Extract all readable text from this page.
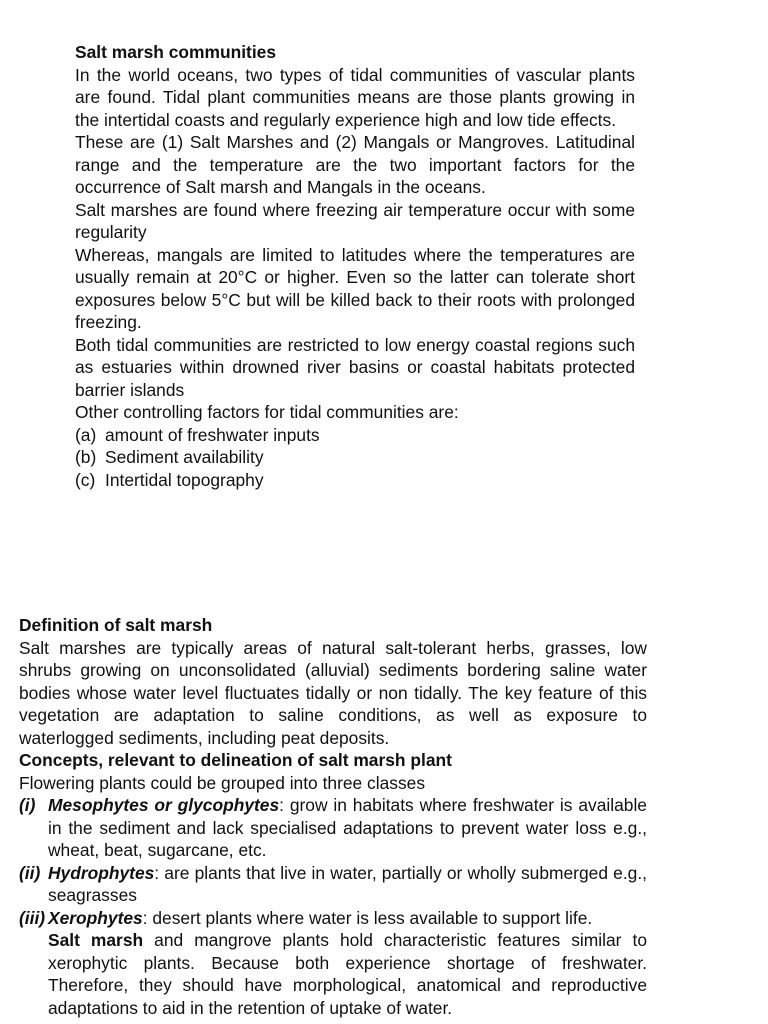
Salt marsh communities

In the world oceans, two types of tidal communities of vascular plants are found. Tidal plant communities means are those plants growing in the intertidal coasts and regularly experience high and low tide effects.

These are (1) Salt Marshes and (2) Mangals or Mangroves. Latitudinal range and the temperature are the two important factors for the occurrence of Salt marsh and Mangals in the oceans.

Salt marshes are found where freezing air temperature occur with some regularity

Whereas, mangals are limited to latitudes where the temperatures are usually remain at 20°C or higher. Even so the latter can tolerate short exposures below 5°C but will be killed back to their roots with prolonged freezing.

Both tidal communities are restricted to low energy coastal regions such as estuaries within drowned river basins or coastal habitats protected barrier islands

Other controlling factors for tidal communities are:

(a) amount of freshwater inputs
(b) Sediment availability
(c) Intertidal topography

Definition of salt marsh

Salt marshes are typically areas of natural salt-tolerant herbs, grasses, low shrubs growing on unconsolidated (alluvial) sediments bordering saline water bodies whose water level fluctuates tidally or non tidally. The key feature of this vegetation are adaptation to saline conditions, as well as exposure to waterlogged sediments, including peat deposits.

Concepts, relevant to delineation of salt marsh plant

Flowering plants could be grouped into three classes

(i) Mesophytes or glycophytes: grow in habitats where freshwater is available in the sediment and lack specialised adaptations to prevent water loss e.g., wheat, beat, sugarcane, etc.
(ii) Hydrophytes: are plants that live in water, partially or wholly submerged e.g., seagrasses
(iii) Xerophytes: desert plants where water is less available to support life.
Salt marsh and mangrove plants hold characteristic features similar to xerophytic plants. Because both experience shortage of freshwater. Therefore, they should have morphological, anatomical and reproductive adaptations to aid in the retention of uptake of water.
